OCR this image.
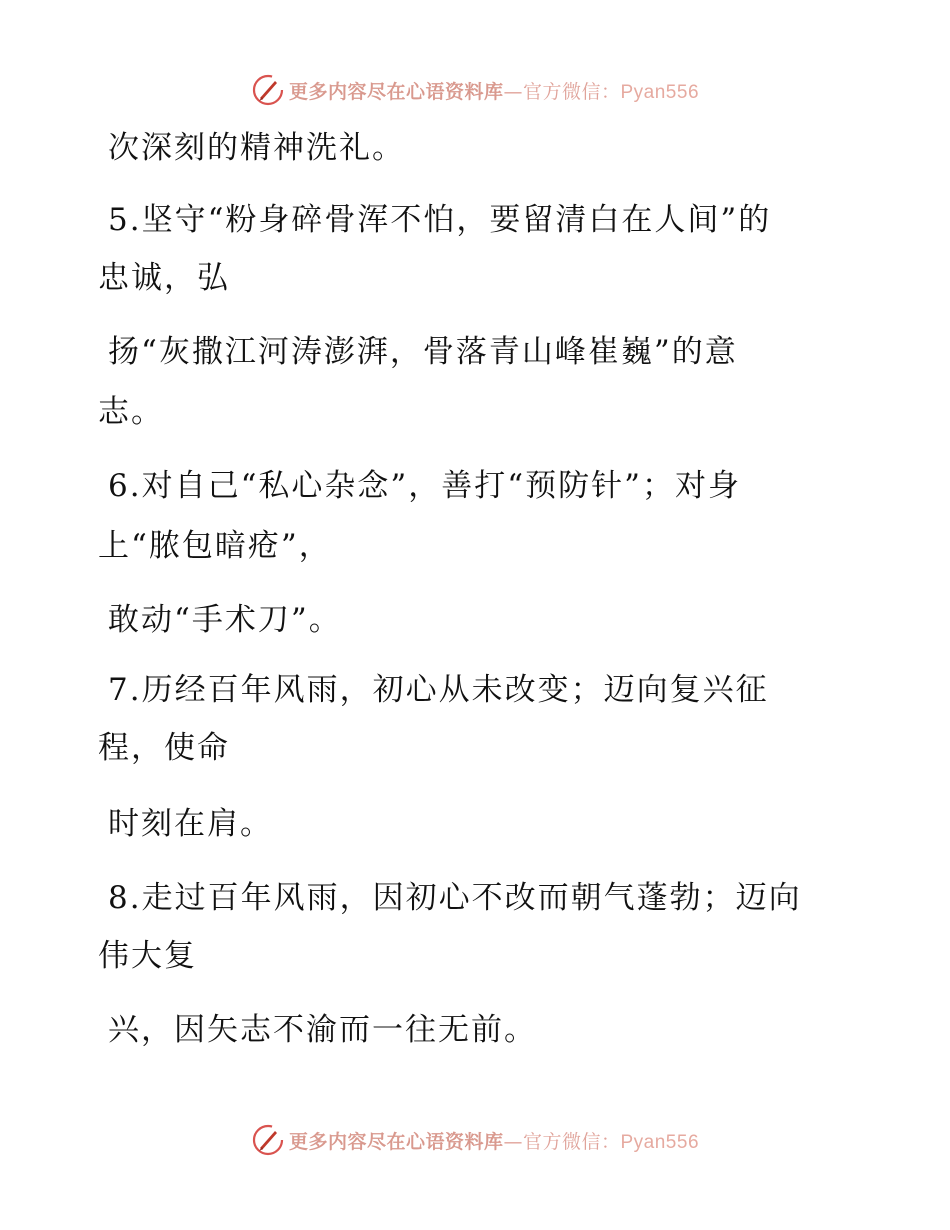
更多内容尽在心语资料库—官方微信：Pyan556
次深刻的精神洗礼。
5.坚守“粉身碎骨浑不怕，要留清白在人间”的
忠诚，弘
扬“灰撒江河涛澎湃，骨落青山峰崔巍”的意
志。
6.对自己“私心杂念”，善打“预防针”；对身
上“脓包暗疮”，
敢动“手术刀”。
7.历经百年风雨，初心从未改变；迈向复兴征
程，使命
时刻在肩。
8.走过百年风雨，因初心不改而朝气蓬勃；迈向
伟大复
兴，因矢志不渝而一往无前。
更多内容尽在心语资料库—官方微信：Pyan556
